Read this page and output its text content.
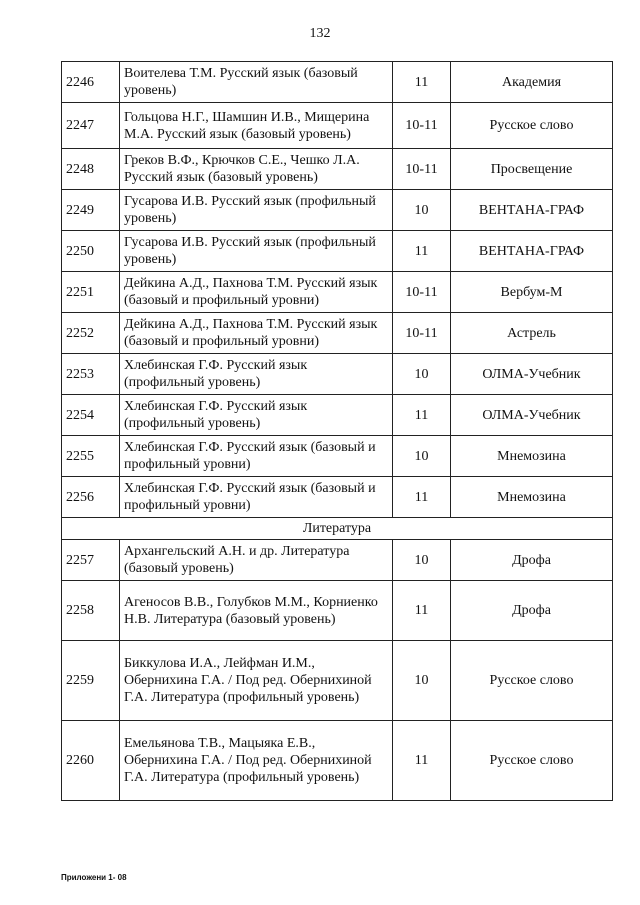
132
2246	Воителева Т.М. Русский язык (базовый уровень)	11	Академия
2247	Гольцова Н.Г., Шамшин И.В., Мищерина М.А. Русский язык (базовый уровень)	10-11	Русское слово
2248	Греков В.Ф., Крючков С.Е., Чешко Л.А. Русский язык (базовый уровень)	10-11	Просвещение
2249	Гусарова И.В. Русский язык (профильный уровень)	10	ВЕНТАНА-ГРАФ
2250	Гусарова И.В. Русский язык (профильный уровень)	11	ВЕНТАНА-ГРАФ
2251	Дейкина А.Д., Пахнова Т.М. Русский язык (базовый и профильный уровни)	10-11	Вербум-М
2252	Дейкина А.Д., Пахнова Т.М. Русский язык (базовый и профильный уровни)	10-11	Астрель
2253	Хлебинская Г.Ф. Русский язык (профильный уровень)	10	ОЛМА-Учебник
2254	Хлебинская Г.Ф. Русский язык (профильный уровень)	11	ОЛМА-Учебник
2255	Хлебинская Г.Ф. Русский язык (базовый и профильный уровни)	10	Мнемозина
2256	Хлебинская Г.Ф. Русский язык (базовый и профильный уровни)	11	Мнемозина
Литература			
2257	Архангельский А.Н. и др. Литература (базовый уровень)	10	Дрофа
2258	Агеносов В.В., Голубков М.М., Корниенко Н.В. Литература (базовый уровень)	11	Дрофа
2259	Биккулова И.А., Лейфман И.М., Обернихина Г.А. / Под ред. Обернихиной Г.А. Литература (профильный уровень)	10	Русское слово
2260	Емельянова Т.В., Мацыяка Е.В., Обернихина Г.А. / Под ред. Обернихиной Г.А. Литература (профильный уровень)	11	Русское слово
Приложени 1- 08
